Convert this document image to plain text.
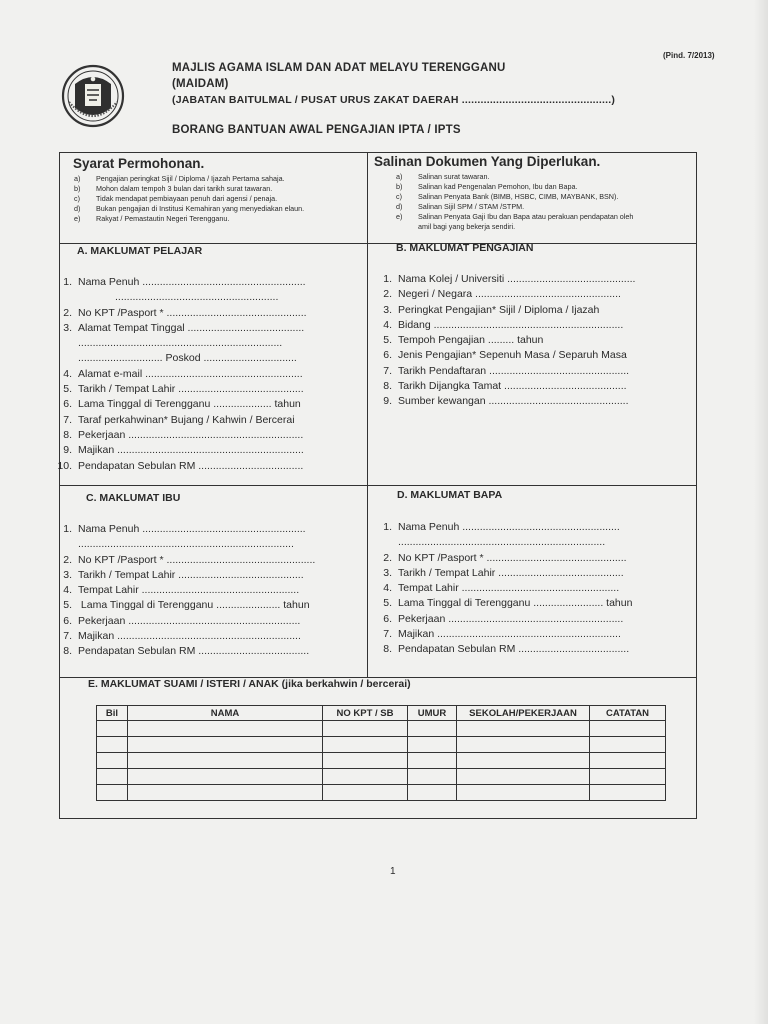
(Pind. 7/2013)
MAJLIS AGAMA ISLAM DAN ADAT MELAYU TERENGGANU
(MAIDAM)
(JABATAN BAITULMAL / PUSAT URUS ZAKAT DAERAH ................................................)
BORANG BANTUAN AWAL PENGAJIAN IPTA / IPTS
Syarat Permohonan.
a) Pengajian peringkat Sijil / Diploma / Ijazah Pertama sahaja.
b) Mohon dalam tempoh 3 bulan dari tarikh surat tawaran.
c) Tidak mendapat pembiayaan penuh dari agensi / penaja.
d) Bukan pengajian di Institusi Kemahiran yang menyediakan elaun.
e) Rakyat / Pemastautin Negeri Terengganu.
Salinan Dokumen Yang Diperlukan.
a) Salinan surat tawaran.
b) Salinan kad Pengenalan Pemohon, Ibu dan Bapa.
c) Salinan Penyata Bank (BIMB, HSBC, CIMB, MAYBANK, BSN).
d) Salinan Sijil SPM / STAM /STPM.
e) Salinan Penyata Gaji Ibu dan Bapa atau perakuan pendapatan oleh
amil bagi yang bekerja sendiri.
A. MAKLUMAT PELAJAR
1. Nama Penuh ........................................................
........................................................
2. No KPT /Pasport * ................................................
3. Alamat Tempat Tinggal ........................................
......................................................................
............................. Poskod ................................
4. Alamat e-mail ......................................................
5. Tarikh / Tempat Lahir ...........................................
6. Lama Tinggal di Terengganu .................... tahun
7. Taraf perkahwinan* Bujang / Kahwin / Bercerai
8. Pekerjaan ............................................................
9. Majikan ................................................................
10. Pendapatan Sebulan RM ....................................
B. MAKLUMAT PENGAJIAN
1. Nama Kolej / Universiti ............................................
2. Negeri / Negara ..................................................
3. Peringkat Pengajian* Sijil / Diploma / Ijazah
4. Bidang .................................................................
5. Tempoh Pengajian ......... tahun
6. Jenis Pengajian* Sepenuh Masa / Separuh Masa
7. Tarikh Pendaftaran ................................................
8. Tarikh Dijangka Tamat ..........................................
9. Sumber kewangan ................................................
C. MAKLUMAT IBU
1. Nama Penuh ........................................................
..........................................................................
2. No KPT /Pasport * ...................................................
3. Tarikh / Tempat Lahir ...........................................
4. Tempat Lahir ......................................................
5. Lama Tinggal di Terengganu ...................... tahun
6. Pekerjaan ...........................................................
7. Majikan ...............................................................
8. Pendapatan Sebulan RM ......................................
D. MAKLUMAT BAPA
1. Nama Penuh ......................................................
.......................................................................
2. No KPT /Pasport * ................................................
3. Tarikh / Tempat Lahir ...........................................
4. Tempat Lahir ......................................................
5. Lama Tinggal di Terengganu ........................ tahun
6. Pekerjaan ............................................................
7. Majikan ...............................................................
8. Pendapatan Sebulan RM ......................................
E. MAKLUMAT SUAMI / ISTERI / ANAK (jika berkahwin / bercerai)
Bil	NAMA	NO KPT / SB	UMUR	SEKOLAH/PEKERJAAN	CATATAN

1
